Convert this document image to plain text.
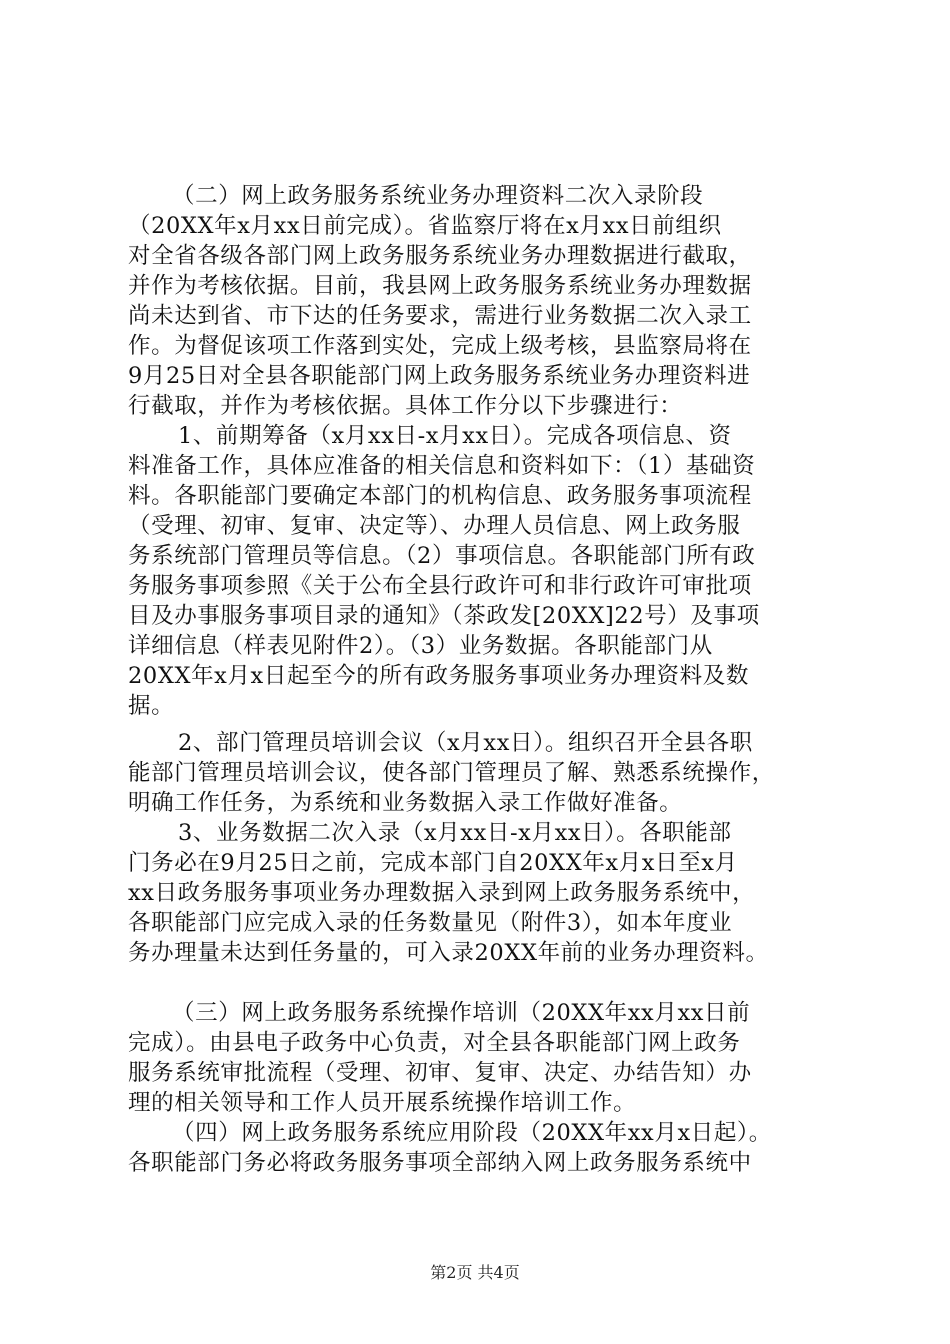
（二）网上政务服务系统业务办理资料二次入录阶段
（20XX年x月xx日前完成）。省监察厅将在x月xx日前组织
对全省各级各部门网上政务服务系统业务办理数据进行截取，
并作为考核依据。目前，我县网上政务服务系统业务办理数据
尚未达到省、市下达的任务要求，需进行业务数据二次入录工
作。为督促该项工作落到实处，完成上级考核，县监察局将在
9月25日对全县各职能部门网上政务服务系统业务办理资料进
行截取，并作为考核依据。具体工作分以下步骤进行：
1、前期筹备（x月xx日-x月xx日）。完成各项信息、资
料准备工作，具体应准备的相关信息和资料如下：（1）基础资
料。各职能部门要确定本部门的机构信息、政务服务事项流程
（受理、初审、复审、决定等）、办理人员信息、网上政务服
务系统部门管理员等信息。（2）事项信息。各职能部门所有政
务服务事项参照《关于公布全县行政许可和非行政许可审批项
目及办事服务事项目录的通知》（茶政发[20XX]22号）及事项
详细信息（样表见附件2）。（3）业务数据。各职能部门从
20XX年x月x日起至今的所有政务服务事项业务办理资料及数
据。
2、部门管理员培训会议（x月xx日）。组织召开全县各职
能部门管理员培训会议，使各部门管理员了解、熟悉系统操作，
明确工作任务，为系统和业务数据入录工作做好准备。
3、业务数据二次入录（x月xx日-x月xx日）。各职能部
门务必在9月25日之前，完成本部门自20XX年x月x日至x月
xx日政务服务事项业务办理数据入录到网上政务服务系统中，
各职能部门应完成入录的任务数量见（附件3），如本年度业
务办理量未达到任务量的，可入录20XX年前的业务办理资料。
（三）网上政务服务系统操作培训（20XX年xx月xx日前
完成）。由县电子政务中心负责，对全县各职能部门网上政务
服务系统审批流程（受理、初审、复审、决定、办结告知）办
理的相关领导和工作人员开展系统操作培训工作。
（四）网上政务服务系统应用阶段（20XX年xx月x日起）。
各职能部门务必将政务服务事项全部纳入网上政务服务系统中
第2页 共4页
